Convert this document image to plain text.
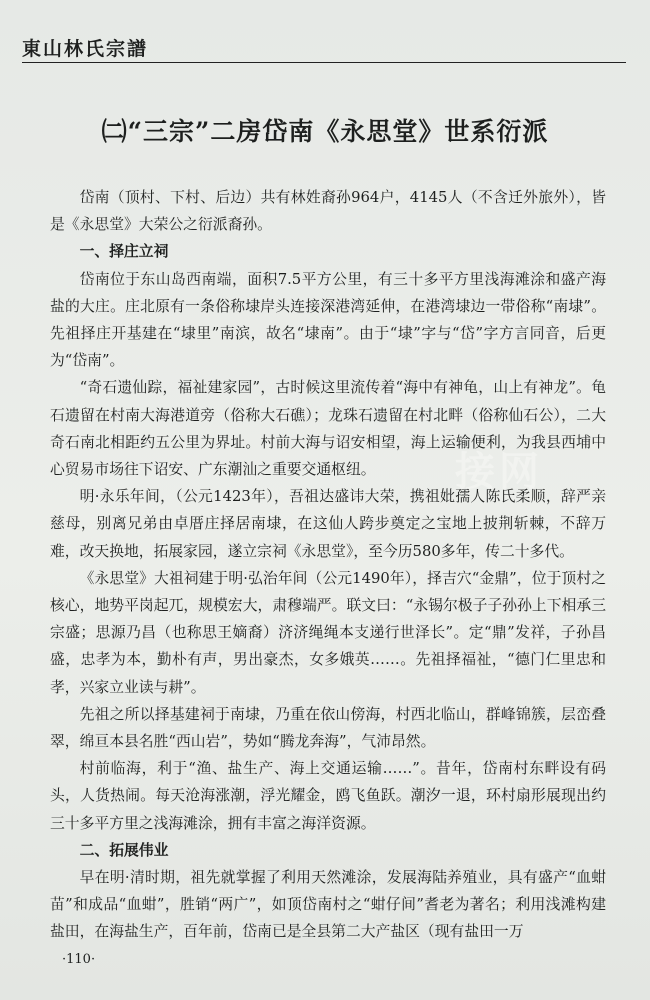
東山林氏宗譜
㈡“三宗”二房岱南《永思堂》世系衍派

岱南（顶村、下村、后边）共有林姓裔孙964户，4145人（不含迁外旅外），皆是《永思堂》大荣公之衍派裔孙。

一、择庄立祠

岱南位于东山岛西南端，面积7.5平方公里，有三十多平方里浅海滩涂和盛产海盐的大庄。庄北原有一条俗称埭岸头连接深港湾延伸，在港湾埭边一带俗称“南埭”。先祖择庄开基建在“埭里”南滨，故名“埭南”。由于“埭”字与“岱”字方言同音，后更为“岱南”。

“奇石遗仙踪，福祉建家园”，古时候这里流传着“海中有神龟，山上有神龙”。龟石遗留在村南大海港道旁（俗称大石礁）；龙珠石遗留在村北畔（俗称仙石公），二大奇石南北相距约五公里为界址。村前大海与诏安相望，海上运输便利，为我县西埔中心贸易市场往下诏安、广东潮汕之重要交通枢纽。

明·永乐年间，（公元1423年），吾祖达盛讳大荣，携祖妣孺人陈氏柔顺，辞严亲慈母，别离兄弟由卓厝庄择居南埭，在这仙人跨步奠定之宝地上披荆斩棘，不辞万难，改天换地，拓展家园，遂立宗祠《永思堂》，至今历580多年，传二十多代。

《永思堂》大祖祠建于明·弘治年间（公元1490年），择吉穴“金鼎”，位于顶村之核心，地势平岗起兀，规模宏大，肃穆端严。联文曰：“永锡尔极子子孙孙上下相承三宗盛；思源乃昌（也称思王嫡裔）济济绳绳本支递行世泽长”。定“鼎”发祥，子孙昌盛，忠孝为本，勤朴有声，男出豪杰，女多娥英……。先祖择福祉，“德门仁里忠和孝，兴家立业读与耕”。

先祖之所以择基建祠于南埭，乃重在依山傍海，村西北临山，群峰锦簇，层峦叠翠，绵亘本县名胜“西山岩”，势如“腾龙奔海”，气沛昂然。

村前临海，利于“渔、盐生产、海上交通运输……”。昔年，岱南村东畔设有码头，人货热闹。每天沧海涨潮，浮光耀金，鸥飞鱼跃。潮汐一退，环村扇形展现出约三十多平方里之浅海滩涂，拥有丰富之海洋资源。

二、拓展伟业

早在明·清时期，祖先就掌握了利用天然滩涂，发展海陆养殖业，具有盛产“血蚶苗”和成品“血蚶”，胜销“两广”，如顶岱南村之“蚶仔间”耆老为著名；利用浅滩构建盐田，在海盐生产，百年前，岱南已是全县第二大产盐区（现有盐田一万

接网
·110·
